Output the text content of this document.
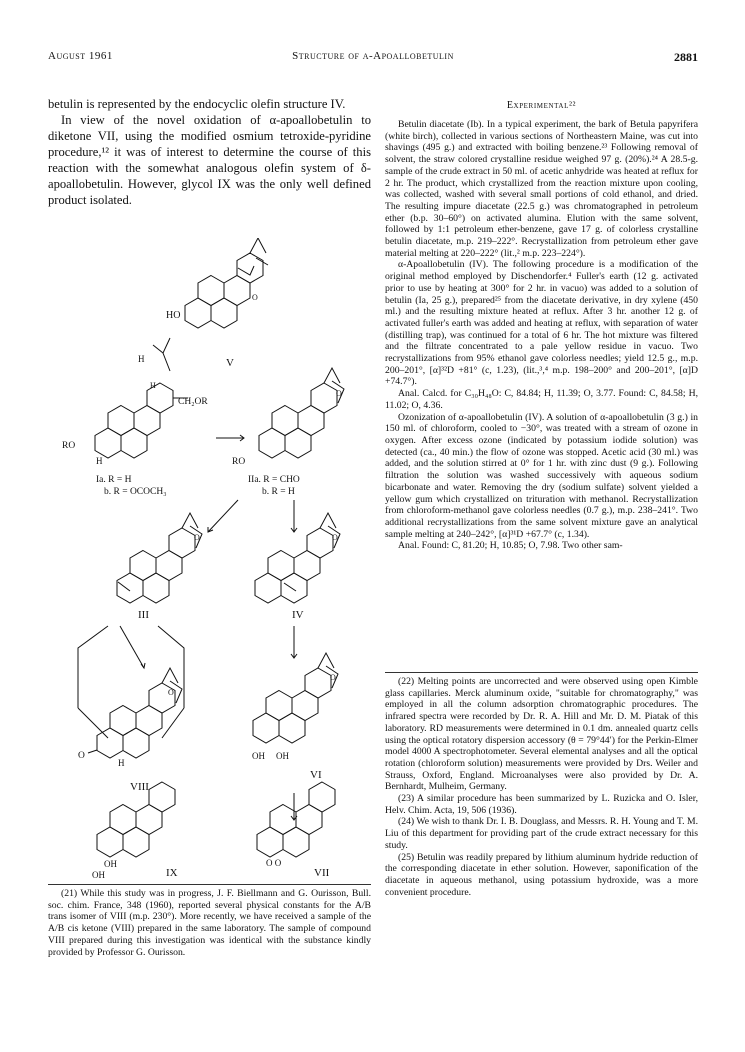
August 1961	Structure of α-Apoallobetulin	2881

betulin is represented by the endocyclic olefin structure IV.

In view of the novel oxidation of α-apoallobetulin to diketone VII, using the modified osmium tetroxide-pyridine procedure,¹² it was of interest to determine the course of this reaction with the somewhat analogous olefin system of δ-apoallobetulin. However, glycol IX was the only well defined product isolated.

HO
V
O
H
H
CH₂OR
RO
H
O
RO
Ia. R = H
b. R = OCOCH₃
IIa. R = CHO
b. R = H
O
III
O
IV
O
O
H
VIII
O
OH OH
VI
OH
OH	IX
O O
VII

(21) While this study was in progress, J. F. Biellmann and G. Ourisson, Bull. soc. chim. France, 348 (1960), reported several physical constants for the A/B trans isomer of VIII (m.p. 230°). More recently, we have received a sample of the A/B cis ketone (VIII) prepared in the same laboratory. The sample of compound VIII prepared during this investigation was identical with the substance kindly provided by Professor G. Ourisson.

Experimental²²

Betulin diacetate (Ib). In a typical experiment, the bark of Betula papyrifera (white birch), collected in various sections of Northeastern Maine, was cut into shavings (495 g.) and extracted with boiling benzene.²³ Following removal of solvent, the straw colored crystalline residue weighed 97 g. (20%).²⁴ A 28.5-g. sample of the crude extract in 50 ml. of acetic anhydride was heated at reflux for 2 hr. The product, which crystallized from the reaction mixture upon cooling, was collected, washed with several small portions of cold ethanol, and dried. The resulting impure diacetate (22.5 g.) was chromatographed in petroleum ether (b.p. 30–60°) on activated alumina. Elution with the same solvent, followed by 1:1 petroleum ether-benzene, gave 17 g. of colorless crystalline betulin diacetate, m.p. 219–222°. Recrystallization from petroleum ether gave material melting at 220–222° (lit.,² m.p. 223–224°).

α-Apoallobetulin (IV). The following procedure is a modification of the original method employed by Dischendorfer.⁴ Fuller's earth (12 g. activated prior to use by heating at 300° for 2 hr. in vacuo) was added to a solution of betulin (Ia, 25 g.), prepared²⁵ from the diacetate derivative, in dry xylene (450 ml.) and the resulting mixture heated at reflux. After 3 hr. another 12 g. of activated fuller's earth was added and heating at reflux, with separation of water (distilling trap), was continued for a total of 6 hr. The hot mixture was filtered and the filtrate concentrated to a pale yellow residue in vacuo. Two recrystallizations from 95% ethanol gave colorless needles; yield 12.5 g., m.p. 200–201°, [α]³²D +81° (c, 1.23), (lit.,³,⁴ m.p. 198–200° and 200–201°, [α]D +74.7°).

Anal. Calcd. for C₃₀H₄₈O: C, 84.84; H, 11.39; O, 3.77. Found: C, 84.58; H, 11.02; O, 4.36.

Ozonization of α-apoallobetulin (IV). A solution of α-apoallobetulin (3 g.) in 150 ml. of chloroform, cooled to −30°, was treated with a stream of ozone in oxygen. After excess ozone (indicated by potassium iodide solution) was detected (ca., 40 min.) the flow of ozone was stopped. Acetic acid (30 ml.) was added, and the solution stirred at 0° for 1 hr. with zinc dust (9 g.). Following filtration the solution was washed successively with aqueous sodium bicarbonate and water. Removing the dry (sodium sulfate) solvent yielded a yellow gum which crystallized on trituration with methanol. Recrystallization from chloroform-methanol gave colorless needles (0.7 g.), m.p. 238–241°. Two additional recrystallizations from the same solvent mixture gave an analytical sample melting at 240–242°, [α]³¹D +67.7° (c, 1.34).

Anal. Found: C, 81.20; H, 10.85; O, 7.98. Two other sam-

(22) Melting points are uncorrected and were observed using open Kimble glass capillaries. Merck aluminum oxide, "suitable for chromatography," was employed in all the column adsorption chromatographic procedures. The infrared spectra were recorded by Dr. R. A. Hill and Mr. D. M. Piatak of this laboratory. RD measurements were determined in 0.1 dm. annealed quartz cells using the optical rotatory dispersion accessory (θ = 79°44′) for the Perkin-Elmer model 4000 A spectrophotometer. Several elemental analyses and all the optical rotation (chloroform solution) measurements were provided by Drs. Weiler and Strauss, Oxford, England. Microanalyses were also provided by Dr. A. Bernhardt, Mulheim, Germany.

(23) A similar procedure has been summarized by L. Ruzicka and O. Isler, Helv. Chim. Acta, 19, 506 (1936).

(24) We wish to thank Dr. I. B. Douglass, and Messrs. R. H. Young and T. M. Liu of this department for providing part of the crude extract necessary for this study.

(25) Betulin was readily prepared by lithium aluminum hydride reduction of the corresponding diacetate in ether solution. However, saponification of the diacetate in aqueous methanol, using potassium hydroxide, was a more convenient procedure.
